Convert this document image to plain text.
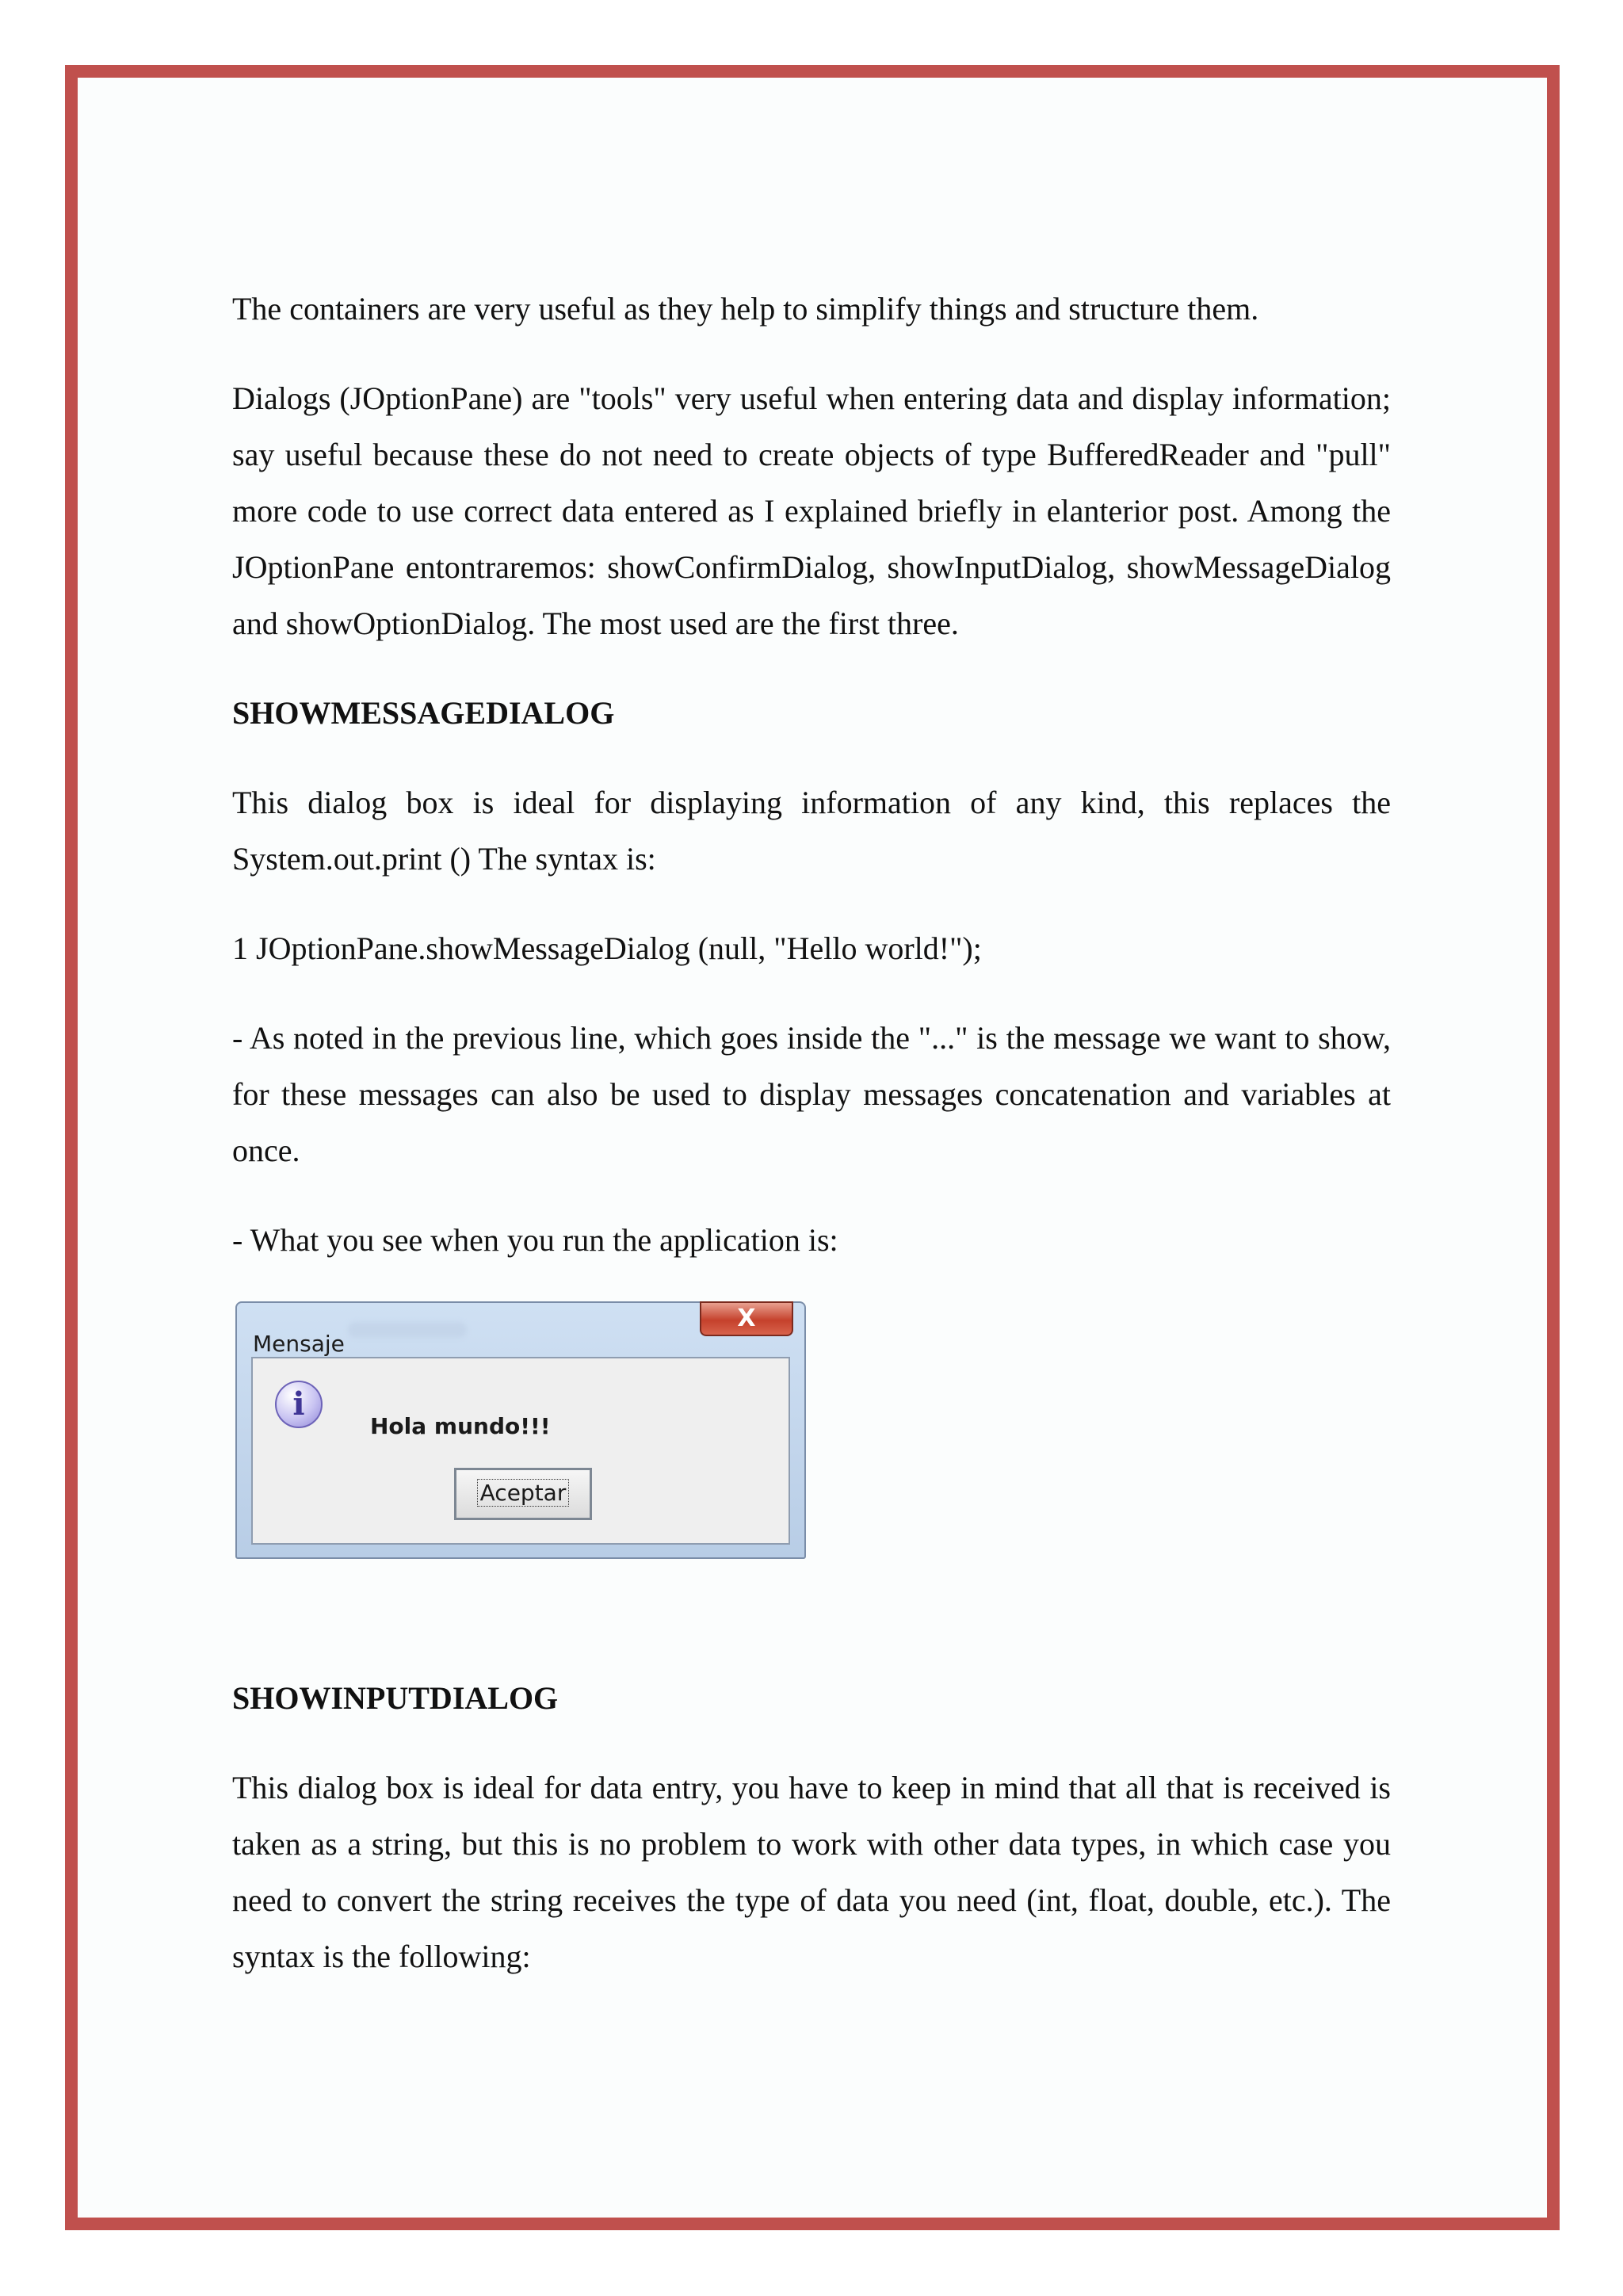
The containers are very useful as they help to simplify things and structure them.

Dialogs (JOptionPane) are "tools" very useful when entering data and display information; say useful because these do not need to create objects of type BufferedReader and "pull" more code to use correct data entered as I explained briefly in elanterior post. Among the JOptionPane entontraremos: showConfirmDialog, showInputDialog, showMessageDialog and showOptionDialog. The most used are the first three.

SHOWMESSAGEDIALOG

This dialog box is ideal for displaying information of any kind, this replaces the System.out.print () The syntax is:

1 JOptionPane.showMessageDialog (null, "Hello world!");

- As noted in the previous line, which goes inside the "..." is the message we want to show, for these messages can also be used to display messages concatenation and variables at once.

- What you see when you run the application is:

Mensaje
X
i
Hola mundo!!!
Aceptar
SHOWINPUTDIALOG

This dialog box is ideal for data entry, you have to keep in mind that all that is received is taken as a string, but this is no problem to work with other data types, in which case you need to convert the string receives the type of data you need (int, float, double, etc.). The syntax is the following:
